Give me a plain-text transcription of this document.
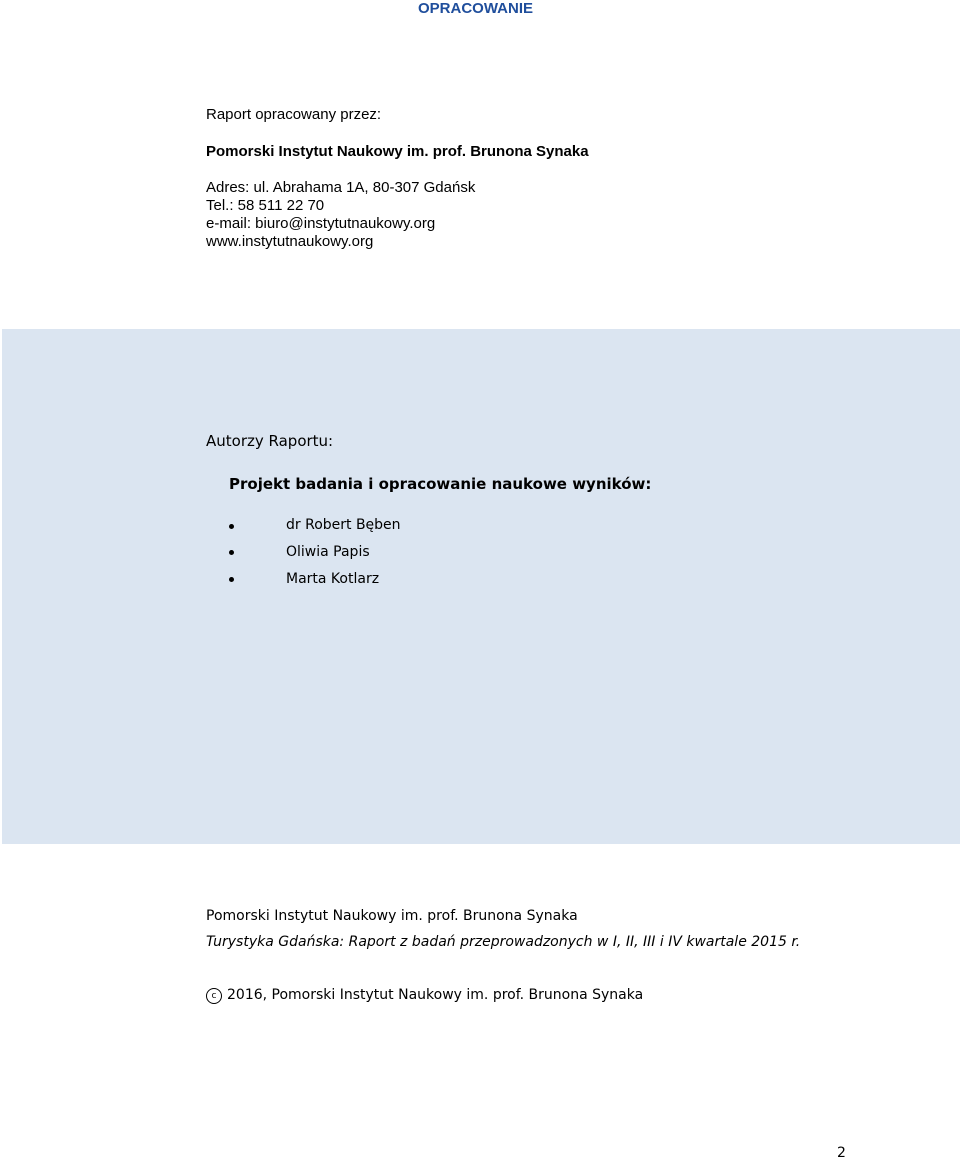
OPRACOWANIE
Raport opracowany przez:
Pomorski Instytut Naukowy im. prof. Brunona Synaka
Adres: ul. Abrahama 1A, 80-307 Gdańsk
Tel.: 58 511 22 70
e-mail: biuro@instytutnaukowy.org
www.instytutnaukowy.org
Autorzy Raportu:
Projekt badania i opracowanie naukowe wyników:
dr Robert Bęben
Oliwia Papis
Marta Kotlarz
Pomorski Instytut Naukowy im. prof. Brunona Synaka
Turystyka Gdańska: Raport z badań przeprowadzonych w I, II, III i IV kwartale 2015 r.
c 2016, Pomorski Instytut Naukowy im. prof. Brunona Synaka
2
